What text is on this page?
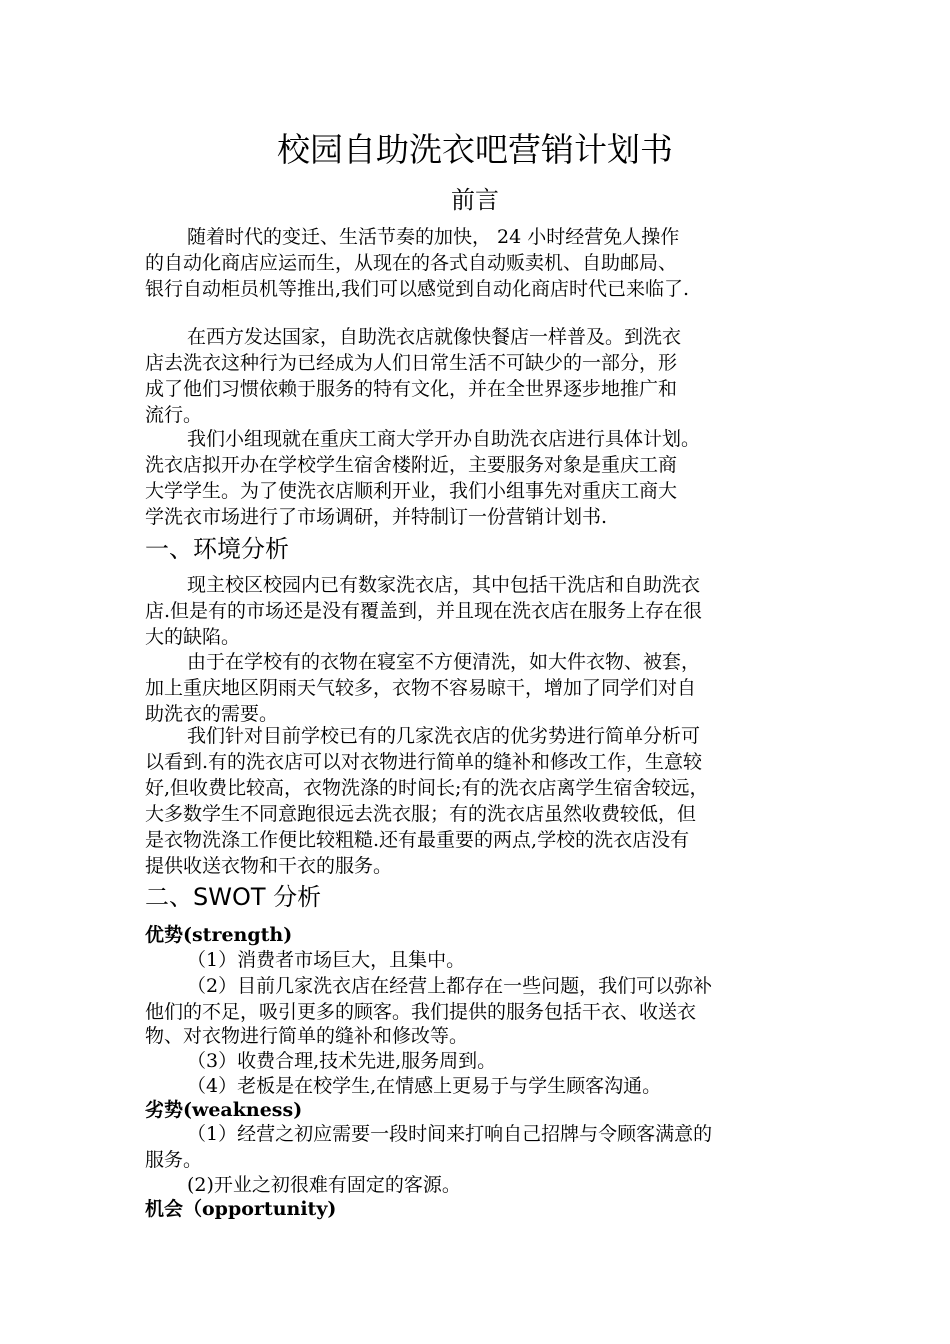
校园自助洗衣吧营销计划书
前言
随着时代的变迁、生活节奏的加快， 24 小时经营免人操作
的自动化商店应运而生，从现在的各式自动贩卖机、自助邮局、
银行自动柜员机等推出,我们可以感觉到自动化商店时代已来临了.
在西方发达国家，自助洗衣店就像快餐店一样普及。到洗衣
店去洗衣这种行为已经成为人们日常生活不可缺少的一部分，形
成了他们习惯依赖于服务的特有文化，并在全世界逐步地推广和
流行。
我们小组现就在重庆工商大学开办自助洗衣店进行具体计划。
洗衣店拟开办在学校学生宿舍楼附近，主要服务对象是重庆工商
大学学生。为了使洗衣店顺利开业，我们小组事先对重庆工商大
学洗衣市场进行了市场调研，并特制订一份营销计划书.
一、环境分析
现主校区校园内已有数家洗衣店，其中包括干洗店和自助洗衣
店.但是有的市场还是没有覆盖到，并且现在洗衣店在服务上存在很
大的缺陷。
由于在学校有的衣物在寝室不方便清洗，如大件衣物、被套，
加上重庆地区阴雨天气较多，衣物不容易晾干，增加了同学们对自
助洗衣的需要。
我们针对目前学校已有的几家洗衣店的优劣势进行简单分析可
以看到.有的洗衣店可以对衣物进行简单的缝补和修改工作，生意较
好,但收费比较高，衣物洗涤的时间长;有的洗衣店离学生宿舍较远，
大多数学生不同意跑很远去洗衣服；有的洗衣店虽然收费较低，但
是衣物洗涤工作便比较粗糙.还有最重要的两点,学校的洗衣店没有
提供收送衣物和干衣的服务。
二、SWOT 分析
优势(strength)
（1）消费者市场巨大，且集中。
（2）目前几家洗衣店在经营上都存在一些问题，我们可以弥补
他们的不足，吸引更多的顾客。我们提供的服务包括干衣、收送衣
物、对衣物进行简单的缝补和修改等。
（3）收费合理,技术先进,服务周到。
（4）老板是在校学生,在情感上更易于与学生顾客沟通。
劣势(weakness)
（1）经营之初应需要一段时间来打响自己招牌与令顾客满意的
服务。
(2)开业之初很难有固定的客源。
机会（opportunity)
